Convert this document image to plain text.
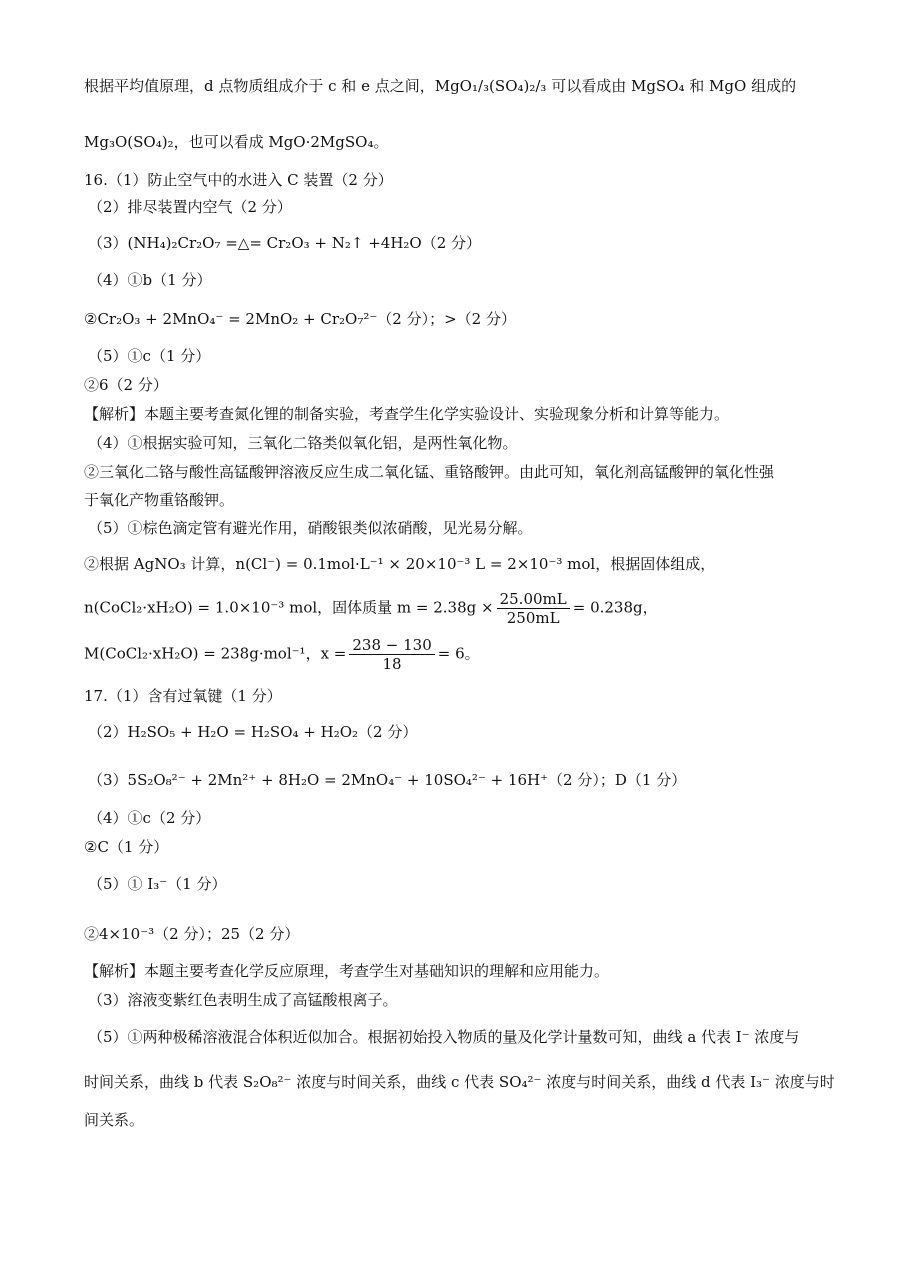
根据平均值原理，d 点物质组成介于 c 和 e 点之间，MgO₁/₃(SO₄)₂/₃ 可以看成由 MgSO₄ 和 MgO 组成的
Mg₃O(SO₄)₂，也可以看成 MgO·2MgSO₄。
16.（1）防止空气中的水进入 C 装置（2 分）
（2）排尽装置内空气（2 分）
（3）(NH₄)₂Cr₂O₇ =△= Cr₂O₃ + N₂↑ +4H₂O（2 分）
（4）①b（1 分）
②Cr₂O₃ + 2MnO₄⁻ = 2MnO₂ + Cr₂O₇²⁻（2 分）；>（2 分）
（5）①c（1 分）
②6（2 分）
【解析】本题主要考查氮化锂的制备实验，考查学生化学实验设计、实验现象分析和计算等能力。
（4）①根据实验可知，三氧化二铬类似氧化铝，是两性氧化物。
②三氧化二铬与酸性高锰酸钾溶液反应生成二氧化锰、重铬酸钾。由此可知，氧化剂高锰酸钾的氧化性强
于氧化产物重铬酸钾。
（5）①棕色滴定管有避光作用，硝酸银类似浓硝酸，见光易分解。
②根据 AgNO₃ 计算，n(Cl⁻) = 0.1mol·L⁻¹ × 20×10⁻³ L = 2×10⁻³ mol，根据固体组成，
n(CoCl₂·xH₂O) = 1.0×10⁻³ mol，固体质量 $m = 2.38g \times \frac{25.00mL}{250mL} = 0.238g$，
M(CoCl₂·xH₂O) = 238g·mol⁻¹，$x = \frac{238 - 130}{18} = 6$。
17.（1）含有过氧键（1 分）
（2）H₂SO₅ + H₂O = H₂SO₄ + H₂O₂（2 分）
（3）5S₂O₈²⁻ + 2Mn²⁺ + 8H₂O = 2MnO₄⁻ + 10SO₄²⁻ + 16H⁺（2 分）；D（1 分）
（4）①c（2 分）
②C（1 分）
（5）① I₃⁻（1 分）
②4×10⁻³（2 分）；25（2 分）
【解析】本题主要考查化学反应原理，考查学生对基础知识的理解和应用能力。
（3）溶液变紫红色表明生成了高锰酸根离子。
（5）①两种极稀溶液混合体积近似加合。根据初始投入物质的量及化学计量数可知，曲线 a 代表 I⁻ 浓度与
时间关系，曲线 b 代表 S₂O₈²⁻ 浓度与时间关系，曲线 c 代表 SO₄²⁻ 浓度与时间关系，曲线 d 代表 I₃⁻ 浓度与时
间关系。
